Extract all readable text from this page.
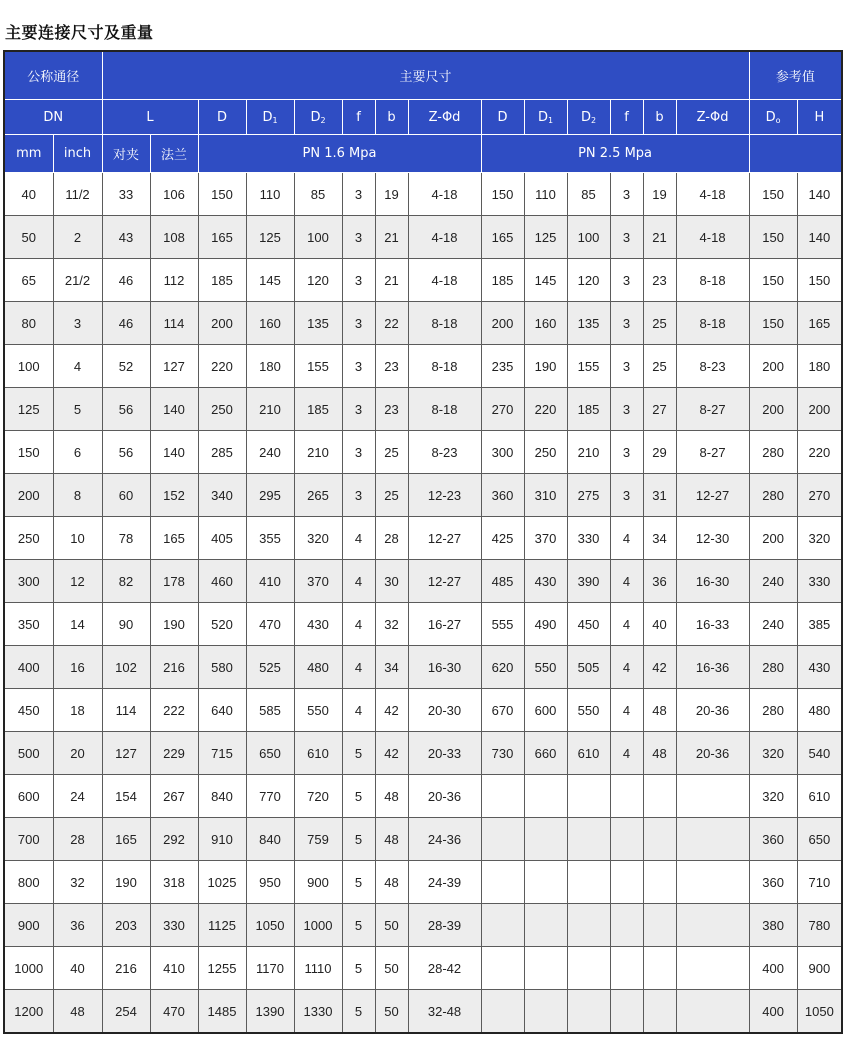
主要连接尺寸及重量
公称通径		主要尺寸														参考值	
DN		L		D	$D_1$	$D_2$	f	b	Z-Φd	D	$D_1$	$D_2$	f	b	Z-Φd	$D_o$	H
mm	inch	对夹	法兰	PN 1.6 Mpa						PN 2.5 Mpa							
40	11/2	33	106	150	110	85	3	19	4-18	150	110	85	3	19	4-18	150	140
50	2	43	108	165	125	100	3	21	4-18	165	125	100	3	21	4-18	150	140
65	21/2	46	112	185	145	120	3	21	4-18	185	145	120	3	23	8-18	150	150
80	3	46	114	200	160	135	3	22	8-18	200	160	135	3	25	8-18	150	165
100	4	52	127	220	180	155	3	23	8-18	235	190	155	3	25	8-23	200	180
125	5	56	140	250	210	185	3	23	8-18	270	220	185	3	27	8-27	200	200
150	6	56	140	285	240	210	3	25	8-23	300	250	210	3	29	8-27	280	220
200	8	60	152	340	295	265	3	25	12-23	360	310	275	3	31	12-27	280	270
250	10	78	165	405	355	320	4	28	12-27	425	370	330	4	34	12-30	200	320
300	12	82	178	460	410	370	4	30	12-27	485	430	390	4	36	16-30	240	330
350	14	90	190	520	470	430	4	32	16-27	555	490	450	4	40	16-33	240	385
400	16	102	216	580	525	480	4	34	16-30	620	550	505	4	42	16-36	280	430
450	18	114	222	640	585	550	4	42	20-30	670	600	550	4	48	20-36	280	480
500	20	127	229	715	650	610	5	42	20-33	730	660	610	4	48	20-36	320	540
600	24	154	267	840	770	720	5	48	20-36							320	610
700	28	165	292	910	840	759	5	48	24-36							360	650
800	32	190	318	1025	950	900	5	48	24-39							360	710
900	36	203	330	1125	1050	1000	5	50	28-39							380	780
1000	40	216	410	1255	1170	1110	5	50	28-42							400	900
1200	48	254	470	1485	1390	1330	5	50	32-48							400	1050
